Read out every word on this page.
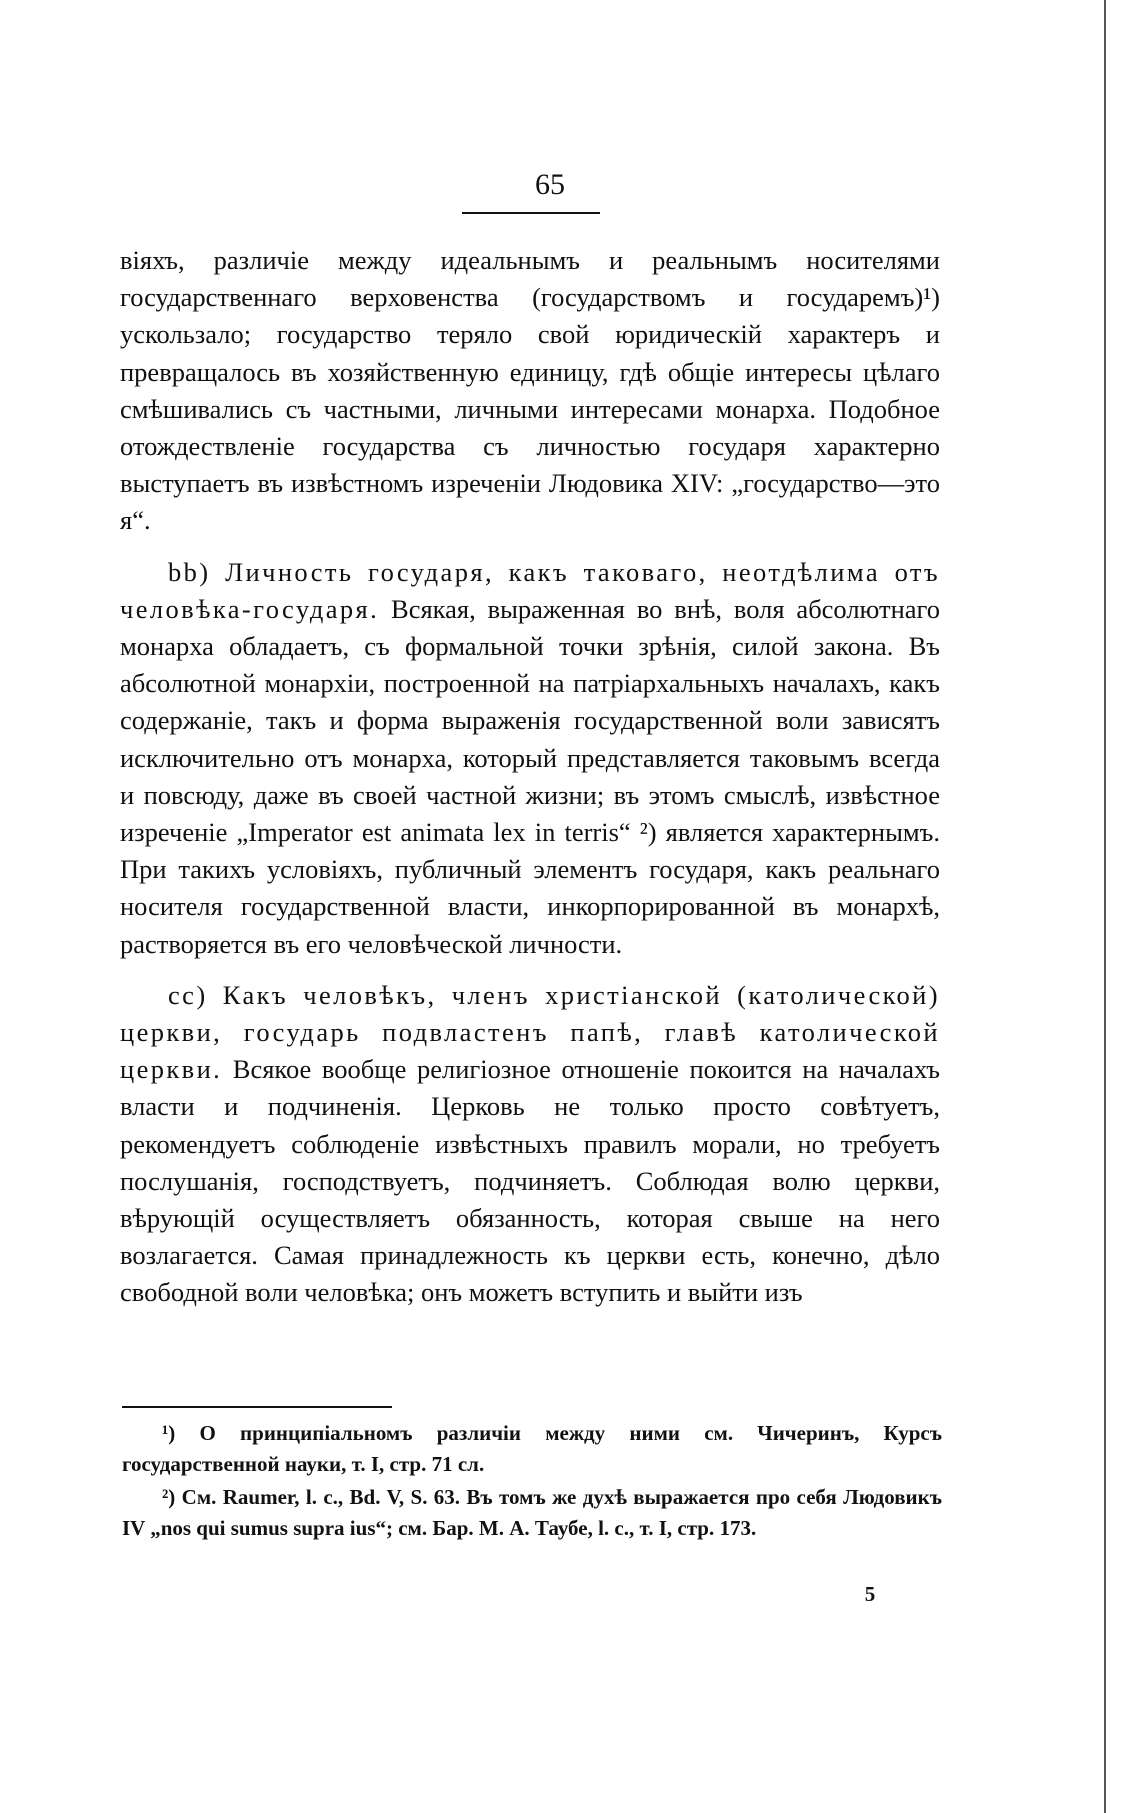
65

віяхъ, различіе между идеальнымъ и реальнымъ носителями государственнаго верховенства (государствомъ и государемъ)¹) ускользало; государство теряло свой юридическій характеръ и превращалось въ хозяйственную единицу, гдѣ общіе интересы цѣлаго смѣшивались съ частными, личными интересами монарха. Подобное отождествленіе государства съ личностью государя характерно выступаетъ въ извѣстномъ изреченіи Людовика XIV: „государство—это я“.

bb) Личность государя, какъ таковаго, неотдѣлима отъ человѣка-государя. Всякая, выраженная во внѣ, воля абсолютнаго монарха обладаетъ, съ формальной точки зрѣнія, силой закона. Въ абсолютной монархіи, построенной на патріархальныхъ началахъ, какъ содержаніе, такъ и форма выраженія государственной воли зависятъ исключительно отъ монарха, который представляется таковымъ всегда и повсюду, даже въ своей частной жизни; въ этомъ смыслѣ, извѣстное изреченіе „Imperator est animata lex in terris“ ²) является характернымъ. При такихъ условіяхъ, публичный элементъ государя, какъ реальнаго носителя государственной власти, инкорпорированной въ монархѣ, растворяется въ его человѣческой личности.

cc) Какъ человѣкъ, членъ христіанской (католической) церкви, государь подвластенъ папѣ, главѣ католической церкви. Всякое вообще религіозное отношеніе покоится на началахъ власти и подчиненія. Церковь не только просто совѣтуетъ, рекомендуетъ соблюденіе извѣстныхъ правилъ морали, но требуетъ послушанія, господствуетъ, подчиняетъ. Соблюдая волю церкви, вѣрующій осуществляетъ обязанность, которая свыше на него возлагается. Самая принадлежность къ церкви есть, конечно, дѣло свободной воли человѣка; онъ можетъ вступить и выйти изъ

¹) О принципіальномъ различіи между ними см. Чичеринъ, Курсъ государственной науки, т. I, стр. 71 сл.

²) См. Raumer, l. c., Bd. V, S. 63. Въ томъ же духѣ выражается про себя Людовикъ IV „nos qui sumus supra ius“; см. Бар. М. А. Таубе, l. c., т. I, стр. 173.

5
